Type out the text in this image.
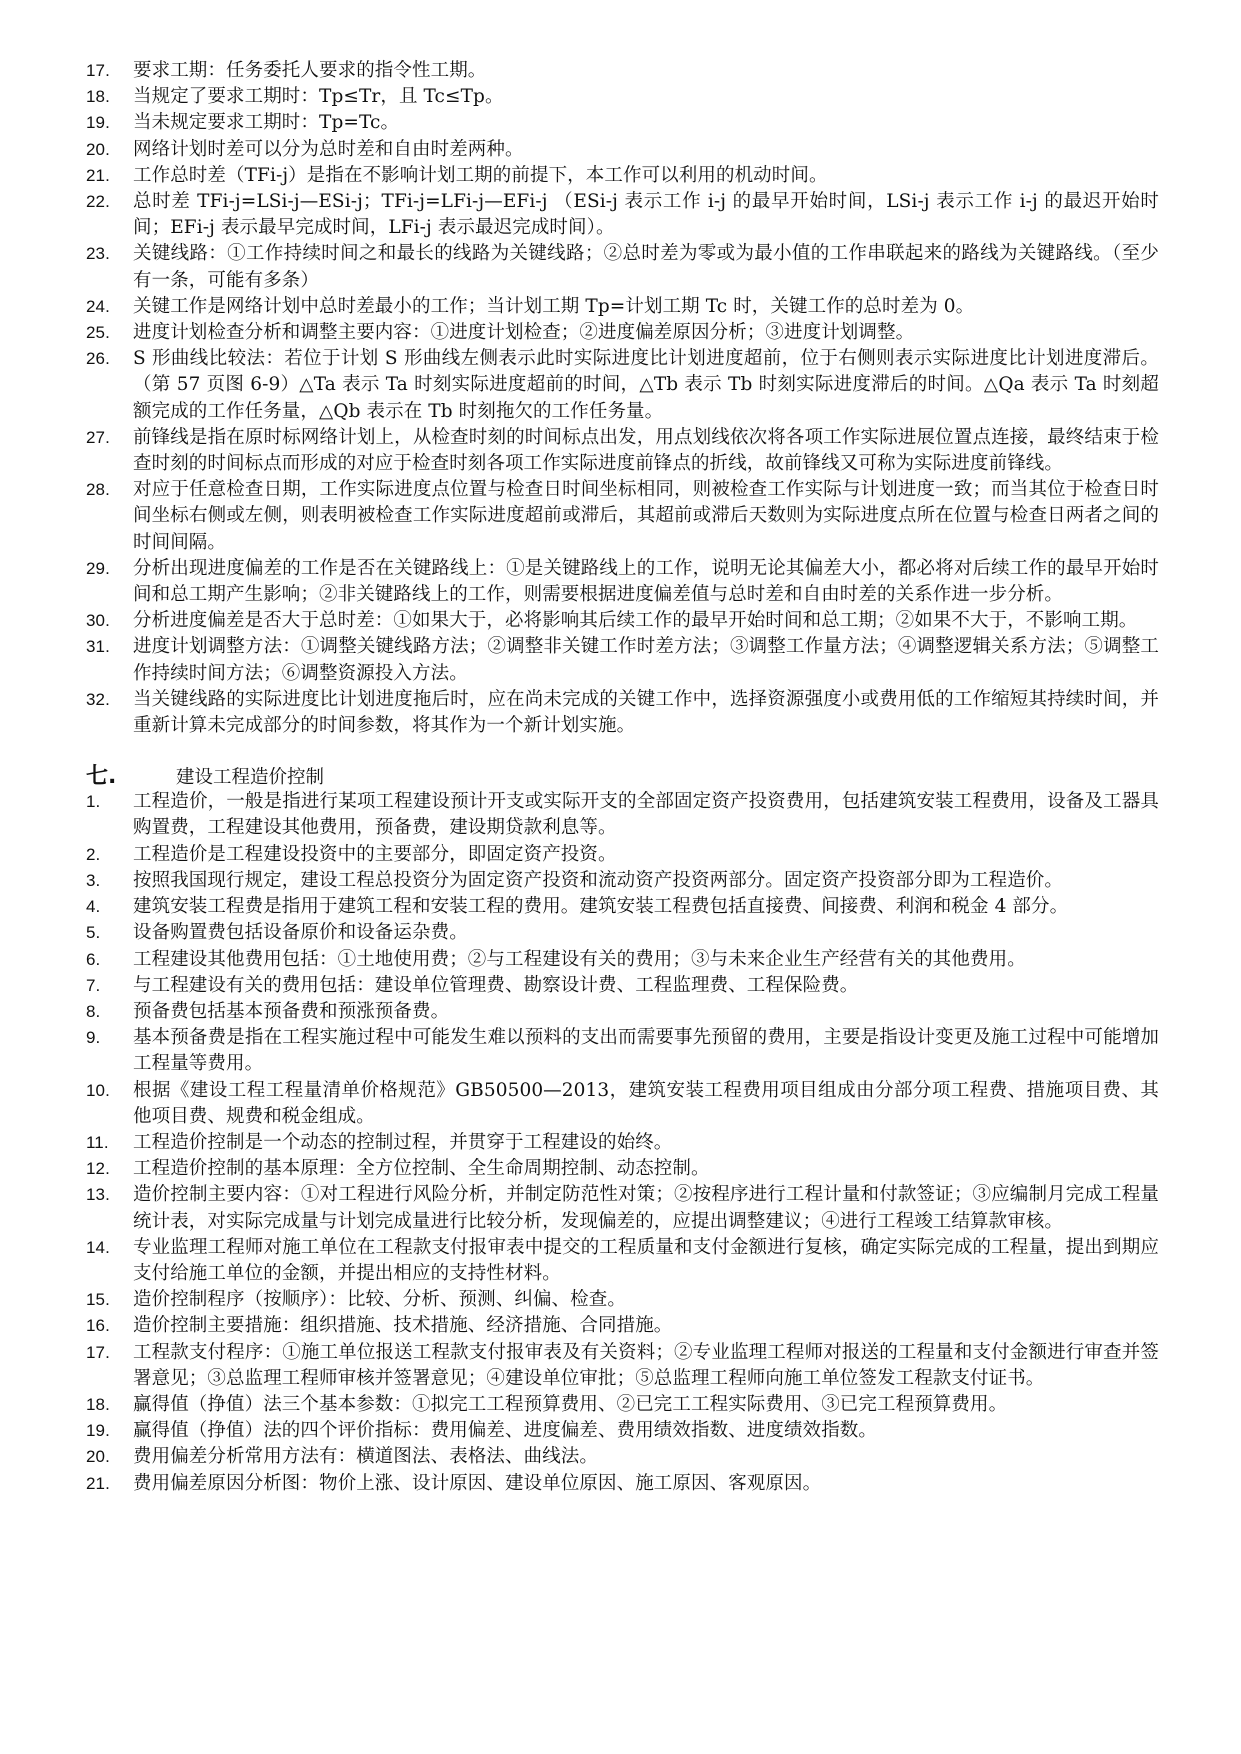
17.	要求工期：任务委托人要求的指令性工期。
18.	当规定了要求工期时：Tp≤Tr，且 Tc≤Tp。
19.	当未规定要求工期时：Tp=Tc。
20.	网络计划时差可以分为总时差和自由时差两种。
21.	工作总时差（TFi-j）是指在不影响计划工期的前提下，本工作可以利用的机动时间。
22.	总时差 TFi-j=LSi-j—ESi-j；TFi-j=LFi-j—EFi-j （ESi-j 表示工作 i-j 的最早开始时间，LSi-j 表示工作 i-j 的最迟开始时间；EFi-j 表示最早完成时间，LFi-j 表示最迟完成时间）。
23.	关键线路：①工作持续时间之和最长的线路为关键线路；②总时差为零或为最小值的工作串联起来的路线为关键路线。（至少有一条，可能有多条）
24.	关键工作是网络计划中总时差最小的工作；当计划工期 Tp=计划工期 Tc 时，关键工作的总时差为 0。
25.	进度计划检查分析和调整主要内容：①进度计划检查；②进度偏差原因分析；③进度计划调整。
26.	S 形曲线比较法：若位于计划 S 形曲线左侧表示此时实际进度比计划进度超前，位于右侧则表示实际进度比计划进度滞后。（第 57 页图 6-9）△Ta 表示 Ta 时刻实际进度超前的时间，△Tb 表示 Tb 时刻实际进度滞后的时间。△Qa 表示 Ta 时刻超额完成的工作任务量，△Qb 表示在 Tb 时刻拖欠的工作任务量。
27.	前锋线是指在原时标网络计划上，从检查时刻的时间标点出发，用点划线依次将各项工作实际进展位置点连接，最终结束于检查时刻的时间标点而形成的对应于检查时刻各项工作实际进度前锋点的折线，故前锋线又可称为实际进度前锋线。
28.	对应于任意检查日期，工作实际进度点位置与检查日时间坐标相同，则被检查工作实际与计划进度一致；而当其位于检查日时间坐标右侧或左侧，则表明被检查工作实际进度超前或滞后，其超前或滞后天数则为实际进度点所在位置与检查日两者之间的时间间隔。
29.	分析出现进度偏差的工作是否在关键路线上：①是关键路线上的工作，说明无论其偏差大小，都必将对后续工作的最早开始时间和总工期产生影响；②非关键路线上的工作，则需要根据进度偏差值与总时差和自由时差的关系作进一步分析。
30.	分析进度偏差是否大于总时差：①如果大于，必将影响其后续工作的最早开始时间和总工期；②如果不大于，不影响工期。
31.	进度计划调整方法：①调整关键线路方法；②调整非关键工作时差方法；③调整工作量方法；④调整逻辑关系方法；⑤调整工作持续时间方法；⑥调整资源投入方法。
32.	当关键线路的实际进度比计划进度拖后时，应在尚未完成的关键工作中，选择资源强度小或费用低的工作缩短其持续时间，并重新计算未完成部分的时间参数，将其作为一个新计划实施。
七.	建设工程造价控制
1.	工程造价，一般是指进行某项工程建设预计开支或实际开支的全部固定资产投资费用，包括建筑安装工程费用，设备及工器具购置费，工程建设其他费用，预备费，建设期贷款利息等。
2.	工程造价是工程建设投资中的主要部分，即固定资产投资。
3.	按照我国现行规定，建设工程总投资分为固定资产投资和流动资产投资两部分。固定资产投资部分即为工程造价。
4.	建筑安装工程费是指用于建筑工程和安装工程的费用。建筑安装工程费包括直接费、间接费、利润和税金 4 部分。
5.	设备购置费包括设备原价和设备运杂费。
6.	工程建设其他费用包括：①土地使用费；②与工程建设有关的费用；③与未来企业生产经营有关的其他费用。
7.	与工程建设有关的费用包括：建设单位管理费、勘察设计费、工程监理费、工程保险费。
8.	预备费包括基本预备费和预涨预备费。
9.	基本预备费是指在工程实施过程中可能发生难以预料的支出而需要事先预留的费用，主要是指设计变更及施工过程中可能增加工程量等费用。
10.	根据《建设工程工程量清单价格规范》GB50500—2013，建筑安装工程费用项目组成由分部分项工程费、措施项目费、其他项目费、规费和税金组成。
11.	工程造价控制是一个动态的控制过程，并贯穿于工程建设的始终。
12.	工程造价控制的基本原理：全方位控制、全生命周期控制、动态控制。
13.	造价控制主要内容：①对工程进行风险分析，并制定防范性对策；②按程序进行工程计量和付款签证；③应编制月完成工程量统计表，对实际完成量与计划完成量进行比较分析，发现偏差的，应提出调整建议；④进行工程竣工结算款审核。
14.	专业监理工程师对施工单位在工程款支付报审表中提交的工程质量和支付金额进行复核，确定实际完成的工程量，提出到期应支付给施工单位的金额，并提出相应的支持性材料。
15.	造价控制程序（按顺序）：比较、分析、预测、纠偏、检查。
16.	造价控制主要措施：组织措施、技术措施、经济措施、合同措施。
17.	工程款支付程序：①施工单位报送工程款支付报审表及有关资料；②专业监理工程师对报送的工程量和支付金额进行审查并签署意见；③总监理工程师审核并签署意见；④建设单位审批；⑤总监理工程师向施工单位签发工程款支付证书。
18.	赢得值（挣值）法三个基本参数：①拟完工工程预算费用、②已完工工程实际费用、③已完工程预算费用。
19.	赢得值（挣值）法的四个评价指标：费用偏差、进度偏差、费用绩效指数、进度绩效指数。
20.	费用偏差分析常用方法有：横道图法、表格法、曲线法。
21.	费用偏差原因分析图：物价上涨、设计原因、建设单位原因、施工原因、客观原因。
